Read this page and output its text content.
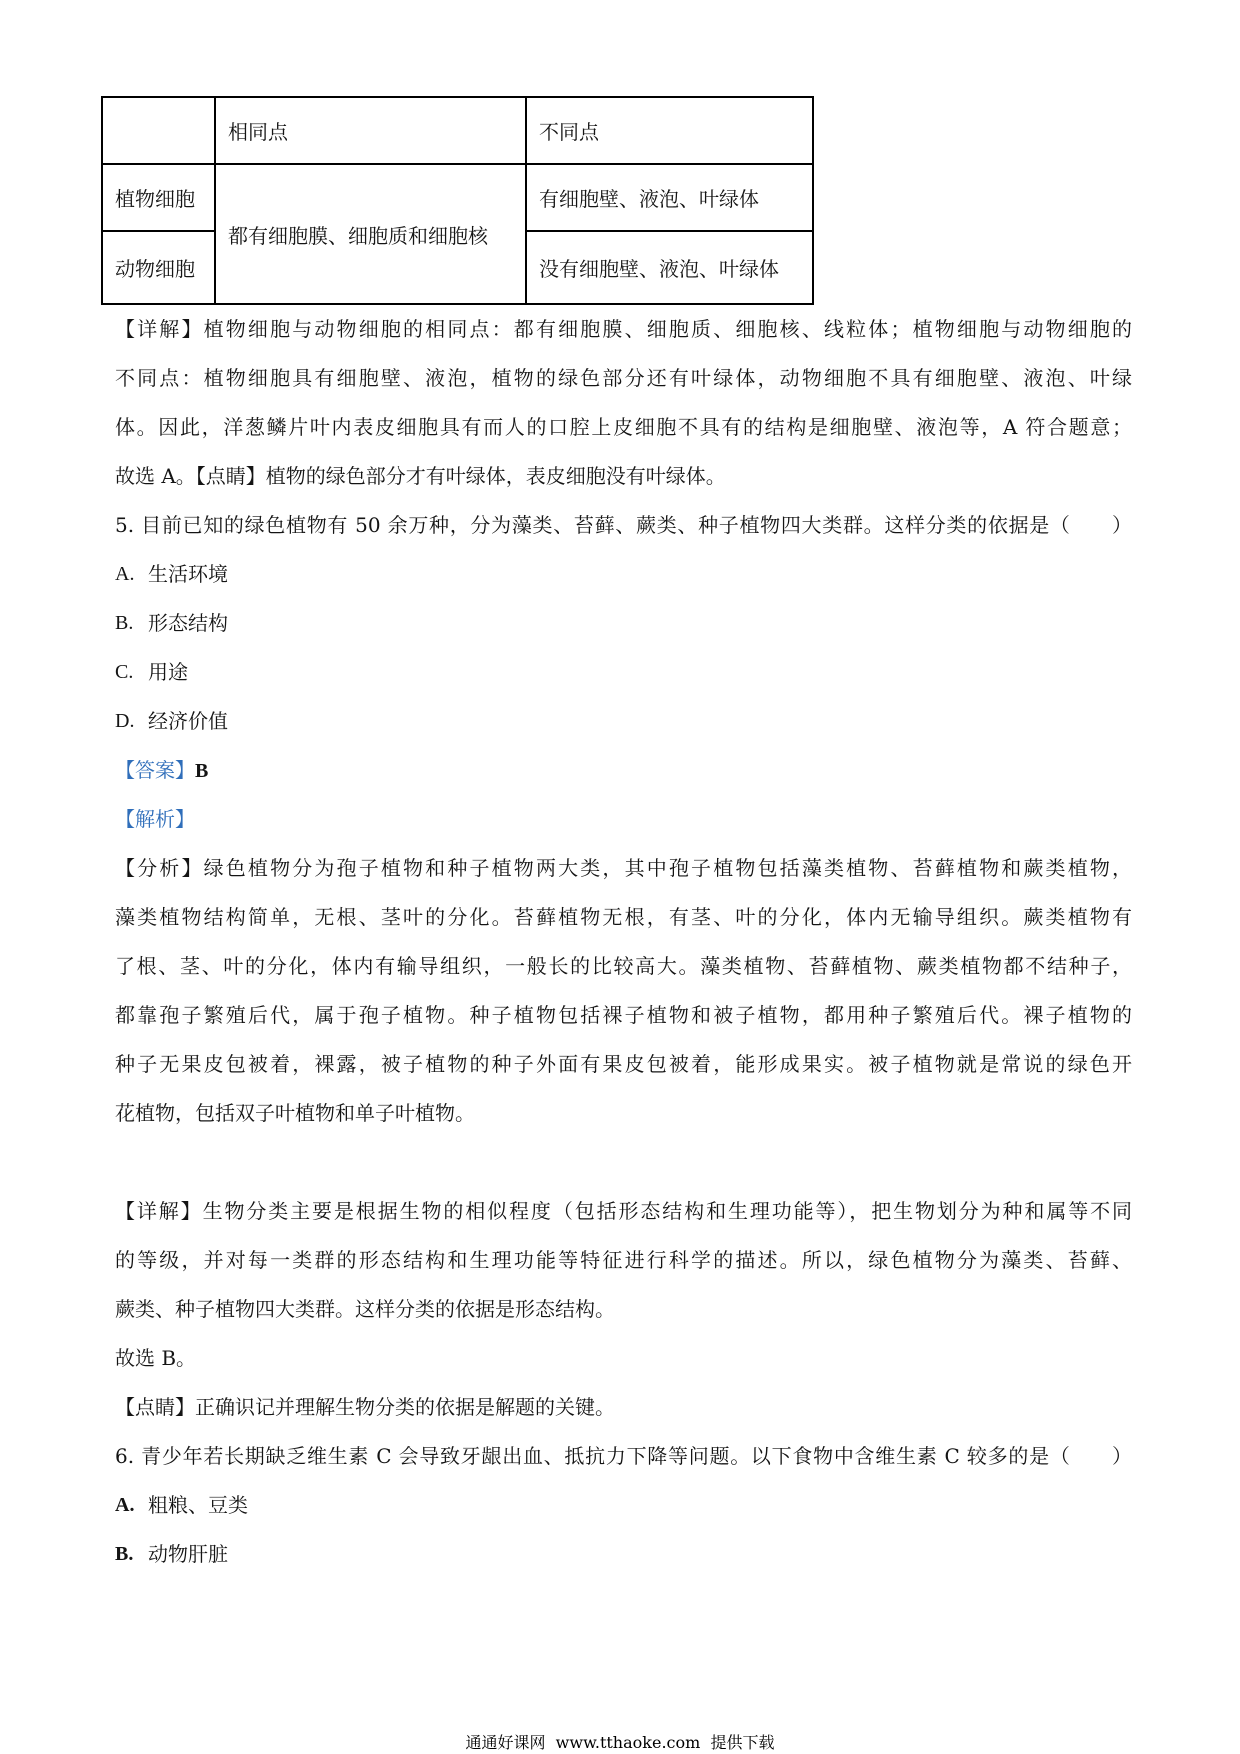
	相同点	不同点
植物细胞	都有细胞膜、细胞质和细胞核	有细胞壁、液泡、叶绿体
动物细胞		没有细胞壁、液泡、叶绿体
【详解】植物细胞与动物细胞的相同点：都有细胞膜、细胞质、细胞核、线粒体；植物细胞与动物细胞的
不同点：植物细胞具有细胞壁、液泡，植物的绿色部分还有叶绿体，动物细胞不具有细胞壁、液泡、叶绿
体。因此，洋葱鳞片叶内表皮细胞具有而人的口腔上皮细胞不具有的结构是细胞壁、液泡等，A 符合题意；
故选 A。【点睛】植物的绿色部分才有叶绿体，表皮细胞没有叶绿体。
5. 目前已知的绿色植物有 50 余万种，分为藻类、苔藓、蕨类、种子植物四大类群。这样分类的依据是（　　）
A. 生活环境
B. 形态结构
C. 用途
D. 经济价值
【答案】B
【解析】
【分析】绿色植物分为孢子植物和种子植物两大类，其中孢子植物包括藻类植物、苔藓植物和蕨类植物，
藻类植物结构简单，无根、茎叶的分化。苔藓植物无根，有茎、叶的分化，体内无输导组织。蕨类植物有
了根、茎、叶的分化，体内有输导组织，一般长的比较高大。藻类植物、苔藓植物、蕨类植物都不结种子，
都靠孢子繁殖后代，属于孢子植物。种子植物包括裸子植物和被子植物，都用种子繁殖后代。裸子植物的
种子无果皮包被着，裸露，被子植物的种子外面有果皮包被着，能形成果实。被子植物就是常说的绿色开
花植物，包括双子叶植物和单子叶植物。
【详解】生物分类主要是根据生物的相似程度（包括形态结构和生理功能等），把生物划分为种和属等不同
的等级，并对每一类群的形态结构和生理功能等特征进行科学的描述。所以，绿色植物分为藻类、苔藓、
蕨类、种子植物四大类群。这样分类的依据是形态结构。
故选 B。
【点睛】正确识记并理解生物分类的依据是解题的关键。
6. 青少年若长期缺乏维生素 C 会导致牙龈出血、抵抗力下降等问题。以下食物中含维生素 C 较多的是（　　）
A. 粗粮、豆类
B. 动物肝脏
通通好课网  www.tthaoke.com  提供下载
